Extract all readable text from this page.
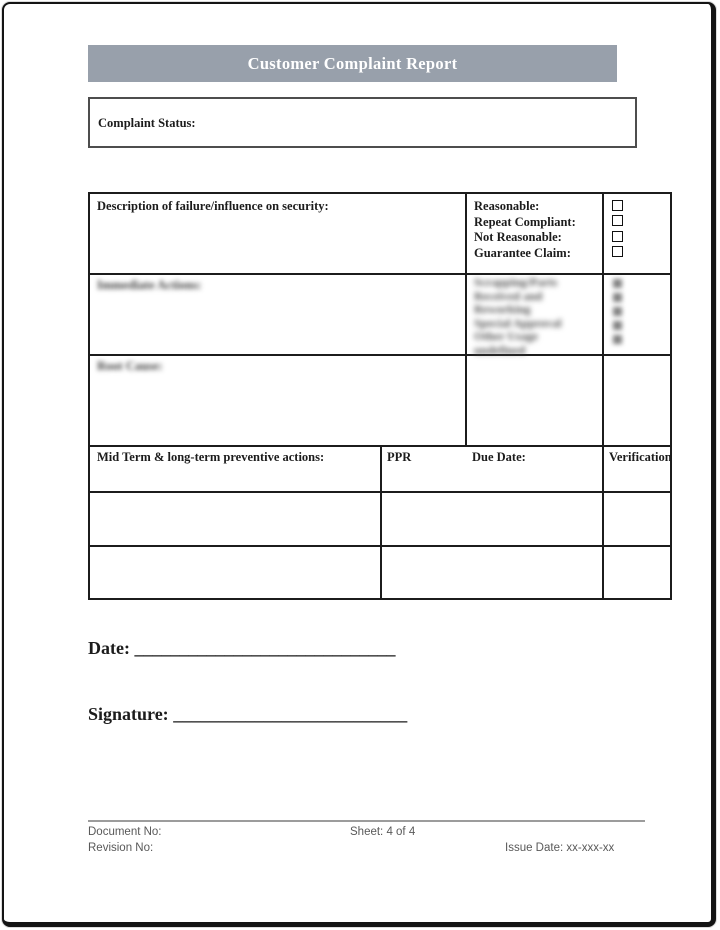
Customer Complaint Report
Complaint Status:
Description of failure/influence on security:	Reasonable:
Repeat Compliant:
Not Reasonable:
Guarantee Claim:
Immediate Actions:	Scrapping/Parts
Received and
Reworking
Special Approval
Other Usage
undefined
Root Cause:
Mid Term & long-term preventive actions:	PPR	Due Date:	Verification
Date: _____________________________
Signature: __________________________
Document No:	Sheet: 4 of 4
Revision No:	Issue Date: xx-xxx-xx
